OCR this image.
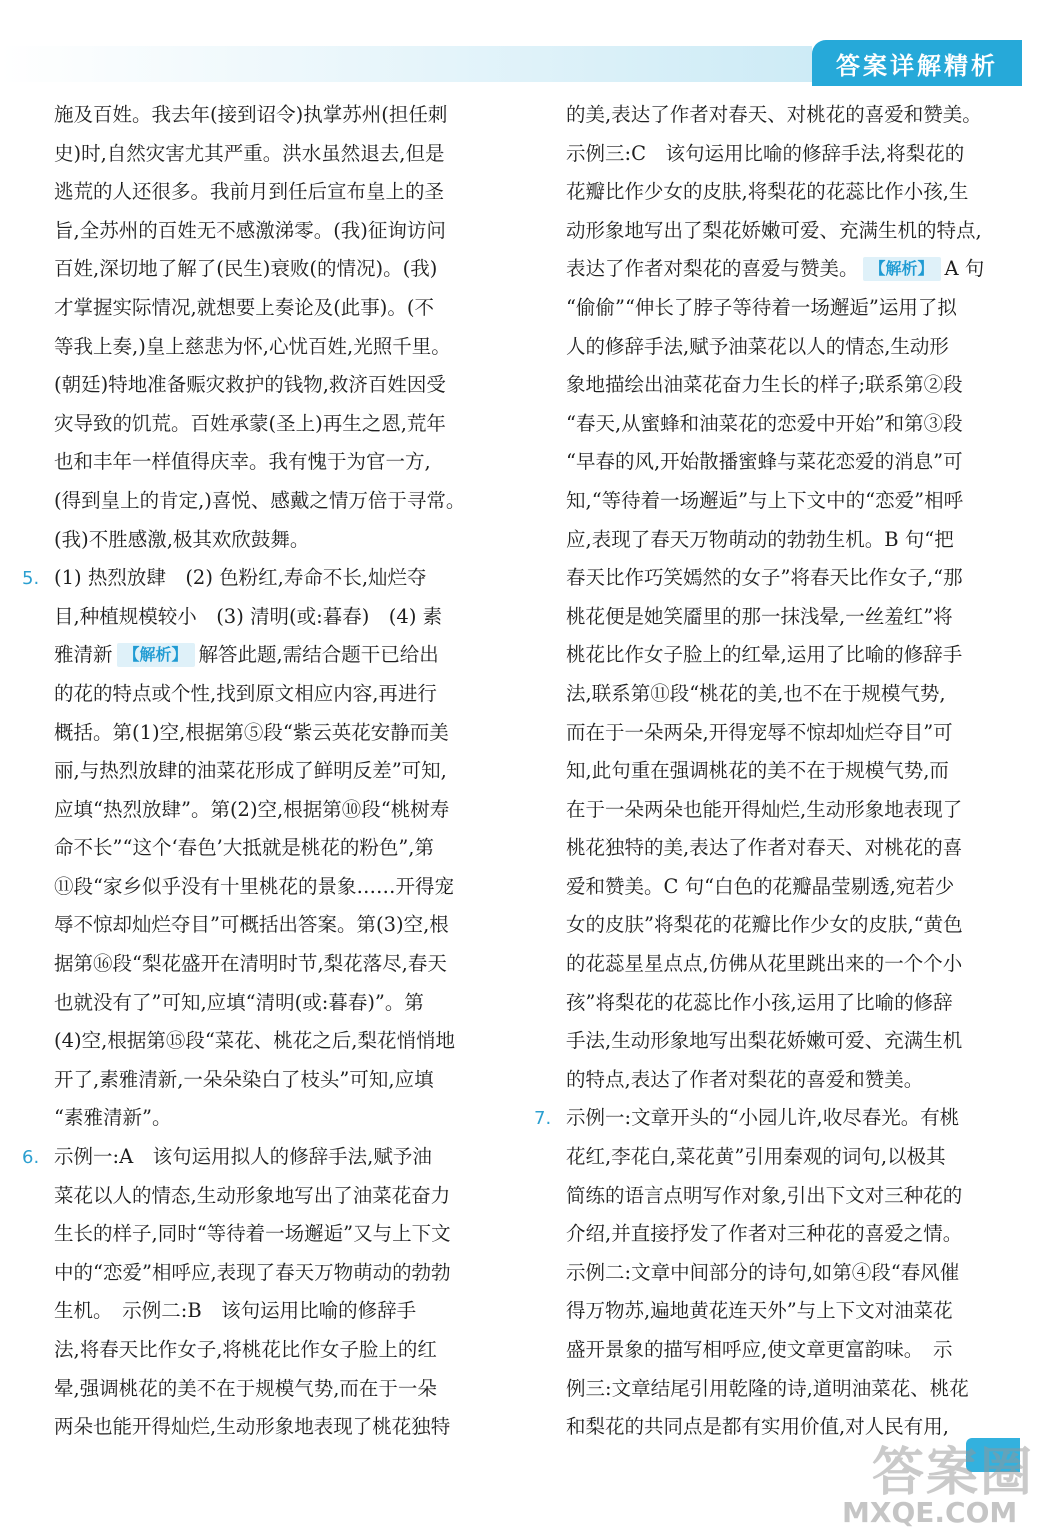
答案详解精析
施及百姓。我去年(接到诏令)执掌苏州(担任刺
史)时,自然灾害尤其严重。洪水虽然退去,但是
逃荒的人还很多。我前月到任后宣布皇上的圣
旨,全苏州的百姓无不感激涕零。(我)征询访问
百姓,深切地了解了(民生)衰败(的情况)。(我)
才掌握实际情况,就想要上奏论及(此事)。(不
等我上奏,)皇上慈悲为怀,心忧百姓,光照千里。
(朝廷)特地准备赈灾救护的钱物,救济百姓因受
灾导致的饥荒。百姓承蒙(圣上)再生之恩,荒年
也和丰年一样值得庆幸。我有愧于为官一方,
(得到皇上的肯定,)喜悦、感戴之情万倍于寻常。
(我)不胜感激,极其欢欣鼓舞。
5. (1) 热烈放肆　(2) 色粉红,寿命不长,灿烂夺
目,种植规模较小　(3) 清明(或:暮春)　(4) 素
雅清新 【解析】 解答此题,需结合题干已给出
的花的特点或个性,找到原文相应内容,再进行
概括。第(1)空,根据第⑤段“紫云英花安静而美
丽,与热烈放肆的油菜花形成了鲜明反差”可知,
应填“热烈放肆”。第(2)空,根据第⑩段“桃树寿
命不长”“这个‘春色’大抵就是桃花的粉色”,第
⑪段“家乡似乎没有十里桃花的景象……开得宠
辱不惊却灿烂夺目”可概括出答案。第(3)空,根
据第⑯段“梨花盛开在清明时节,梨花落尽,春天
也就没有了”可知,应填“清明(或:暮春)”。第
(4)空,根据第⑮段“菜花、桃花之后,梨花悄悄地
开了,素雅清新,一朵朵染白了枝头”可知,应填
“素雅清新”。
6. 示例一:A　该句运用拟人的修辞手法,赋予油
菜花以人的情态,生动形象地写出了油菜花奋力
生长的样子,同时“等待着一场邂逅”又与上下文
中的“恋爱”相呼应,表现了春天万物萌动的勃勃
生机。　示例二:B　该句运用比喻的修辞手
法,将春天比作女子,将桃花比作女子脸上的红
晕,强调桃花的美不在于规模气势,而在于一朵
两朵也能开得灿烂,生动形象地表现了桃花独特
的美,表达了作者对春天、对桃花的喜爱和赞美。
示例三:C　该句运用比喻的修辞手法,将梨花的
花瓣比作少女的皮肤,将梨花的花蕊比作小孩,生
动形象地写出了梨花娇嫩可爱、充满生机的特点,
表达了作者对梨花的喜爱与赞美。 【解析】 A 句
“偷偷”“伸长了脖子等待着一场邂逅”运用了拟
人的修辞手法,赋予油菜花以人的情态,生动形
象地描绘出油菜花奋力生长的样子;联系第②段
“春天,从蜜蜂和油菜花的恋爱中开始”和第③段
“早春的风,开始散播蜜蜂与菜花恋爱的消息”可
知,“等待着一场邂逅”与上下文中的“恋爱”相呼
应,表现了春天万物萌动的勃勃生机。B 句“把
春天比作巧笑嫣然的女子”将春天比作女子,“那
桃花便是她笑靥里的那一抹浅晕,一丝羞红”将
桃花比作女子脸上的红晕,运用了比喻的修辞手
法,联系第⑪段“桃花的美,也不在于规模气势,
而在于一朵两朵,开得宠辱不惊却灿烂夺目”可
知,此句重在强调桃花的美不在于规模气势,而
在于一朵两朵也能开得灿烂,生动形象地表现了
桃花独特的美,表达了作者对春天、对桃花的喜
爱和赞美。C 句“白色的花瓣晶莹剔透,宛若少
女的皮肤”将梨花的花瓣比作少女的皮肤,“黄色
的花蕊星星点点,仿佛从花里跳出来的一个个小
孩”将梨花的花蕊比作小孩,运用了比喻的修辞
手法,生动形象地写出梨花娇嫩可爱、充满生机
的特点,表达了作者对梨花的喜爱和赞美。
7. 示例一:文章开头的“小园儿许,收尽春光。有桃
花红,李花白,菜花黄”引用秦观的词句,以极其
简练的语言点明写作对象,引出下文对三种花的
介绍,并直接抒发了作者对三种花的喜爱之情。
示例二:文章中间部分的诗句,如第④段“春风催
得万物苏,遍地黄花连天外”与上下文对油菜花
盛开景象的描写相呼应,使文章更富韵味。　示
例三:文章结尾引用乾隆的诗,道明油菜花、桃花
和梨花的共同点是都有实用价值,对人民有用,
答案圈
MXQE.COM
